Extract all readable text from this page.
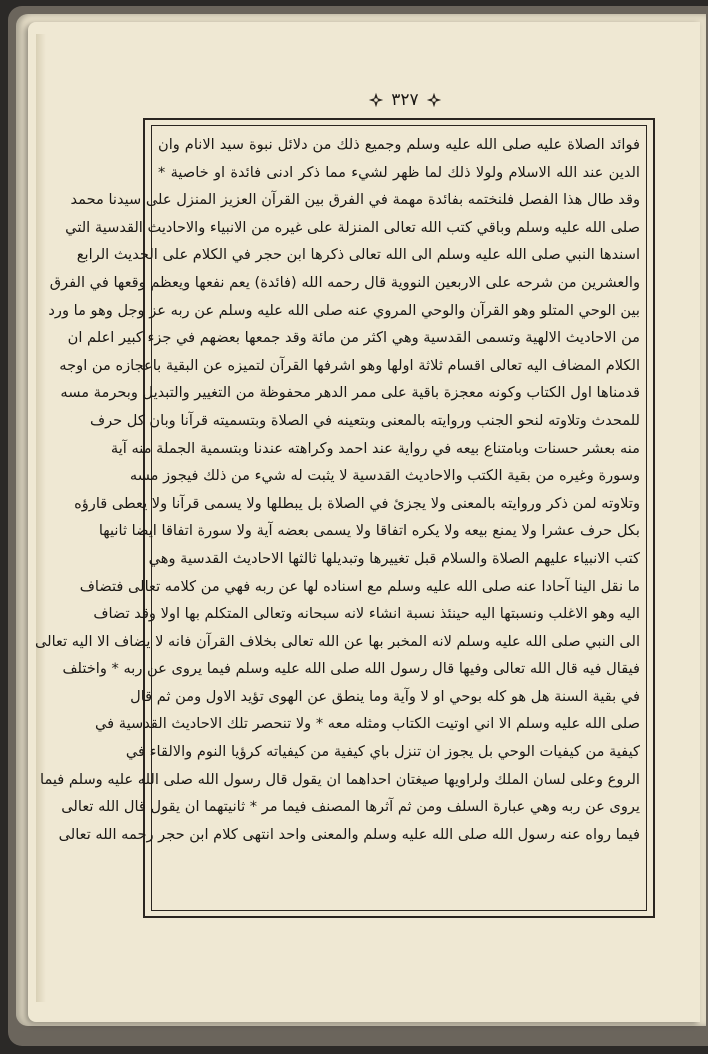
٣٢٧
فوائد الصلاة عليه صلى الله عليه وسلم وجميع ذلك من دلائل نبوة سيد الانام وان
الدين عند الله الاسلام ولولا ذلك لما ظهر لشيء مما ذكر ادنى فائدة او خاصية *
وقد طال هذا الفصل فلنختمه بفائدة مهمة في الفرق بين القرآن العزيز المنزل على سيدنا محمد
صلى الله عليه وسلم وباقي كتب الله تعالى المنزلة على غيره من الانبياء والاحاديث القدسية التي
اسندها النبي صلى الله عليه وسلم الى الله تعالى ذكرها ابن حجر في الكلام على الحديث الرابع
والعشرين من شرحه على الاربعين النووية قال رحمه الله (فائدة) يعم نفعها ويعظم وقعها في الفرق
بين الوحي المتلو وهو القرآن والوحي المروي عنه صلى الله عليه وسلم عن ربه عز وجل وهو ما ورد
من الاحاديث الالهية وتسمى القدسية وهي اكثر من مائة وقد جمعها بعضهم في جزء كبير اعلم ان
الكلام المضاف اليه تعالى اقسام ثلاثة اولها وهو اشرفها القرآن لتميزه عن البقية باعجازه من اوجه
قدمناها اول الكتاب وكونه معجزة باقية على ممر الدهر محفوظة من التغيير والتبديل وبحرمة مسه
للمحدث وتلاوته لنحو الجنب وروايته بالمعنى وبتعينه في الصلاة وبتسميته قرآنا وبان كل حرف
منه بعشر حسنات وبامتناع بيعه في رواية عند احمد وكراهته عندنا وبتسمية الجملة منه آية
وسورة وغيره من بقية الكتب والاحاديث القدسية لا يثبت له شيء من ذلك فيجوز مسه
وتلاوته لمن ذكر وروايته بالمعنى ولا يجزئ في الصلاة بل يبطلها ولا يسمى قرآنا ولا يعطى قارؤه
بكل حرف عشرا ولا يمنع بيعه ولا يكره اتفاقا ولا يسمى بعضه آية ولا سورة اتفاقا ايضا ثانيها
كتب الانبياء عليهم الصلاة والسلام قبل تغييرها وتبديلها ثالثها الاحاديث القدسية وهي
ما نقل الينا آحادا عنه صلى الله عليه وسلم مع اسناده لها عن ربه فهي من كلامه تعالى فتضاف
اليه وهو الاغلب ونسبتها اليه حينئذ نسبة انشاء لانه سبحانه وتعالى المتكلم بها اولا وقد تضاف
الى النبي صلى الله عليه وسلم لانه المخبر بها عن الله تعالى بخلاف القرآن فانه لا يضاف الا اليه تعالى
فيقال فيه قال الله تعالى وفيها قال رسول الله صلى الله عليه وسلم فيما يروى عن ربه * واختلف
في بقية السنة هل هو كله بوحي او لا وآية وما ينطق عن الهوى تؤيد الاول ومن ثم قال
صلى الله عليه وسلم الا اني اوتيت الكتاب ومثله معه * ولا تنحصر تلك الاحاديث القدسية في
كيفية من كيفيات الوحي بل يجوز ان تنزل باي كيفية من كيفياته كرؤيا النوم والالقاء في
الروع وعلى لسان الملك ولراويها صيغتان احداهما ان يقول قال رسول الله صلى الله عليه وسلم فيما
يروى عن ربه وهي عبارة السلف ومن ثم آثرها المصنف فيما مر * ثانيتهما ان يقول قال الله تعالى
فيما رواه عنه رسول الله صلى الله عليه وسلم والمعنى واحد انتهى كلام ابن حجر رحمه الله تعالى
